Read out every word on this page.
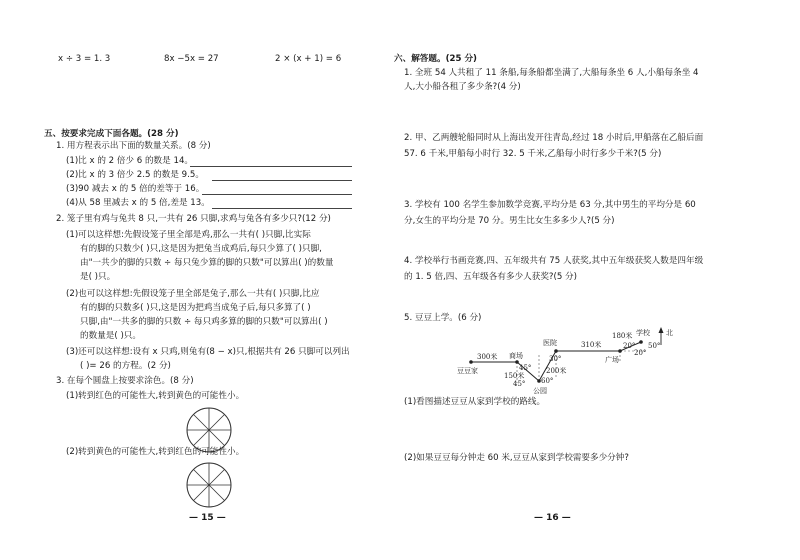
x ÷ 3 = 1. 3	8x −5x = 27	2 × (x + 1) = 6
五、按要求完成下面各题。(28 分)
1. 用方程表示出下面的数量关系。(8 分)
(1)比 x 的 2 倍少 6 的数是 14。
(2)比 x 的 3 倍少 2.5 的数是 9.5。
(3)90 减去 x 的 5 倍的差等于 16。
(4)从 58 里减去 x 的 5 倍,差是 13。
2. 笼子里有鸡与兔共 8 只,一共有 26 只脚,求鸡与兔各有多少只?(12 分)
(1)可以这样想:先假设笼子里全部是鸡,那么一共有( )只脚,比实际
有的脚的只数少( )只,这是因为把兔当成鸡后,每只少算了( )只脚,
由"一共少的脚的只数 ÷ 每只兔少算的脚的只数"可以算出( )的数量
是( )只。
(2)也可以这样想:先假设笼子里全部是兔子,那么一共有( )只脚,比应
有的脚的只数多( )只,这是因为把鸡当成兔子后,每只多算了( )
只脚,由"一共多的脚的只数 ÷ 每只鸡多算的脚的只数"可以算出( )
的数量是( )只。
(3)还可以这样想:设有 x 只鸡,则兔有(8 − x)只,根据共有 26 只脚可以列出
( )= 26 的方程。(2 分)
3. 在每个圆盘上按要求涂色。(8 分)
(1)转到红色的可能性大,转到黄色的可能性小。
(2)转到黄色的可能性大,转到红色的可能性小。
— 15 —
六、解答题。(25 分)
1. 全班 54 人共租了 11 条船,每条船都坐满了,大船每条坐 6 人,小船每条坐 4
人,大小船各租了多少条?(4 分)
2. 甲、乙两艘轮船同时从上海出发开往青岛,经过 18 小时后,甲船落在乙船后面
57. 6 千米,甲船每小时行 32. 5 千米,乙船每小时行多少千米?(5 分)
3. 学校有 100 名学生参加数学竞赛,平均分是 63 分,其中男生的平均分是 60
分,女生的平均分是 70 分。男生比女生多多少人?(5 分)
4. 学校举行书画竞赛,四、五年级共有 75 人获奖,其中五年级获奖人数是四年级
的 1. 5 倍,四、五年级各有多少人获奖?(5 分)
5. 豆豆上学。(6 分)
豆豆家
300米 商场
医院	310米
180米 学校 北
广场
150米
45°
45°
30°
200米
60°
公园
20°
20°
50°
(1)看图描述豆豆从家到学校的路线。
(2)如果豆豆每分钟走 60 米,豆豆从家到学校需要多少分钟?
— 16 —
